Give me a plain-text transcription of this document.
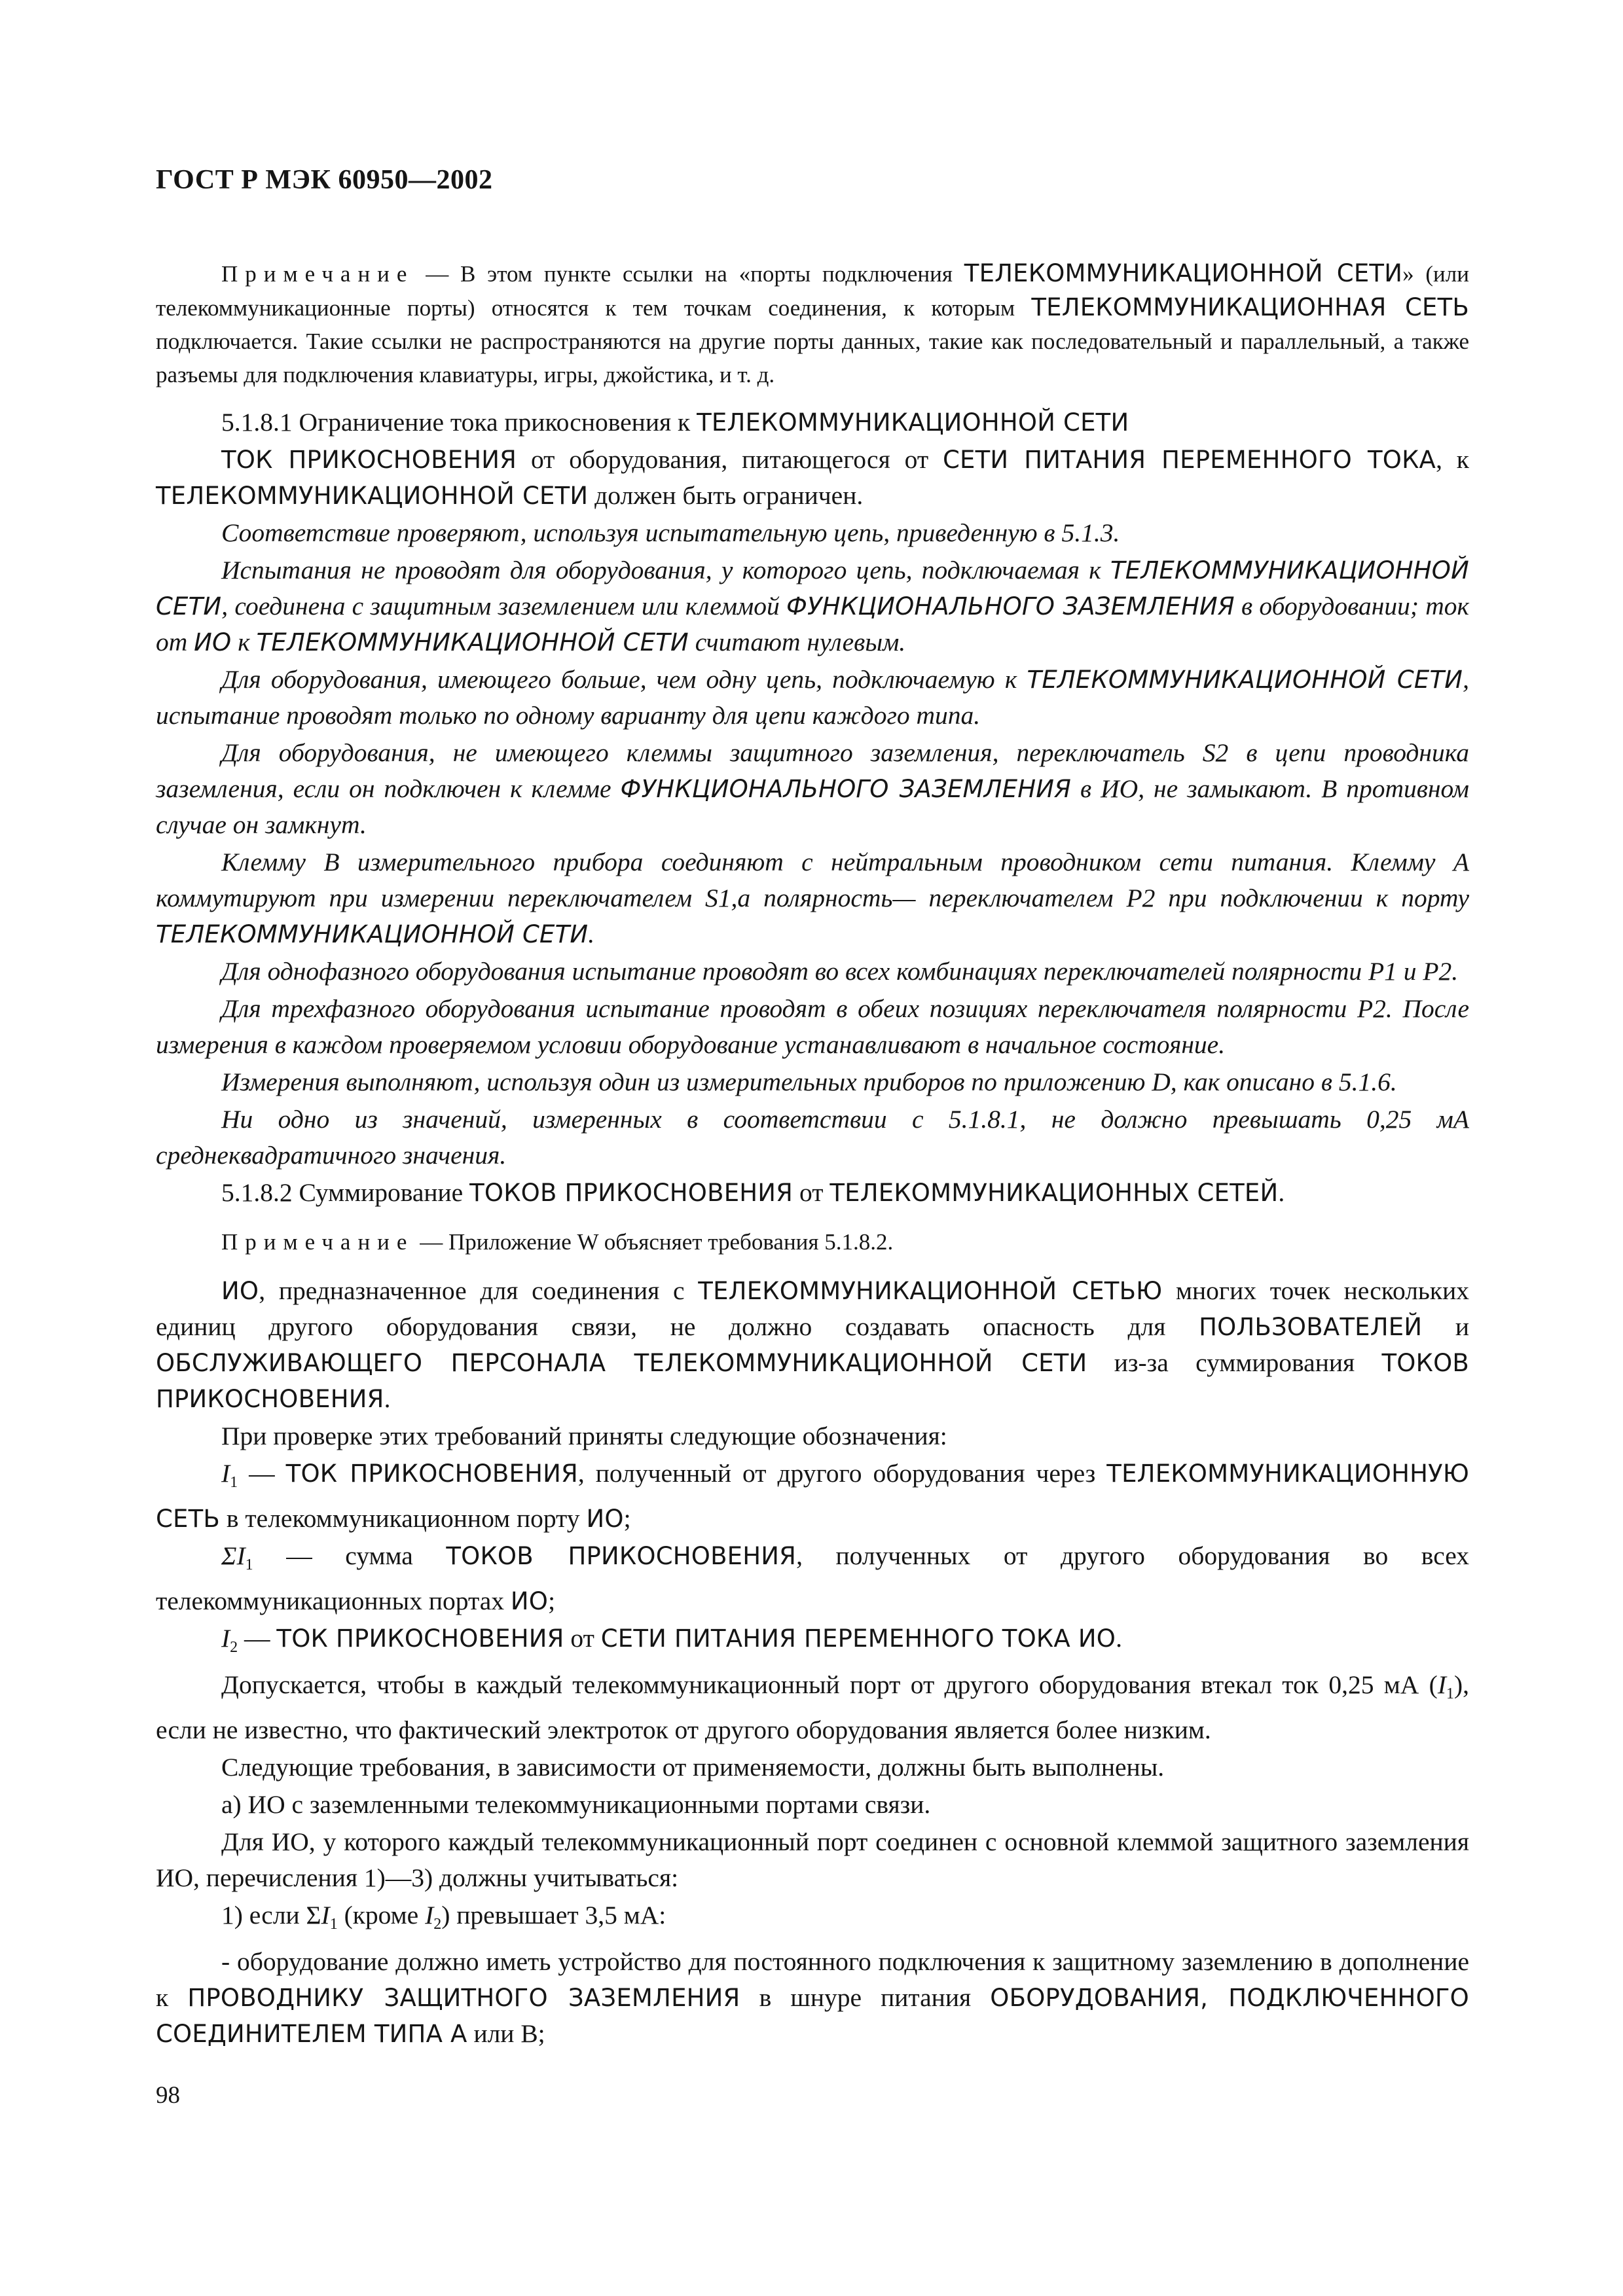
ГОСТ Р МЭК 60950—2002

Примечание — В этом пункте ссылки на «порты подключения ТЕЛЕКОММУНИКАЦИОННОЙ СЕТИ» (или телекоммуникационные порты) относятся к тем точкам соединения, к которым ТЕЛЕКОММУНИКАЦИОННАЯ СЕТЬ подключается. Такие ссылки не распространяются на другие порты данных, такие как последовательный и параллельный, а также разъемы для подключения клавиатуры, игры, джойстика, и т. д.

5.1.8.1 Ограничение тока прикосновения к ТЕЛЕКОММУНИКАЦИОННОЙ СЕТИ

ТОК ПРИКОСНОВЕНИЯ от оборудования, питающегося от СЕТИ ПИТАНИЯ ПЕРЕМЕННОГО ТОКА, к ТЕЛЕКОММУНИКАЦИОННОЙ СЕТИ должен быть ограничен.

Соответствие проверяют, используя испытательную цепь, приведенную в 5.1.3.

Испытания не проводят для оборудования, у которого цепь, подключаемая к ТЕЛЕКОММУНИКАЦИОННОЙ СЕТИ, соединена с защитным заземлением или клеммой ФУНКЦИОНАЛЬНОГО ЗАЗЕМЛЕНИЯ в оборудовании; ток от ИО к ТЕЛЕКОММУНИКАЦИОННОЙ СЕТИ считают нулевым.

Для оборудования, имеющего больше, чем одну цепь, подключаемую к ТЕЛЕКОММУНИКАЦИОННОЙ СЕТИ, испытание проводят только по одному варианту для цепи каждого типа.

Для оборудования, не имеющего клеммы защитного заземления, переключатель S2 в цепи проводника заземления, если он подключен к клемме ФУНКЦИОНАЛЬНОГО ЗАЗЕМЛЕНИЯ в ИО, не замыкают. В противном случае он замкнут.

Клемму В измерительного прибора соединяют с нейтральным проводником сети питания. Клемму А коммутируют при измерении переключателем S1,а полярность— переключателем P2 при подключении к порту ТЕЛЕКОММУНИКАЦИОННОЙ СЕТИ.

Для однофазного оборудования испытание проводят во всех комбинациях переключателей полярности Р1 и Р2.

Для трехфазного оборудования испытание проводят в обеих позициях переключателя полярности Р2. После измерения в каждом проверяемом условии оборудование устанавливают в начальное состояние.

Измерения выполняют, используя один из измерительных приборов по приложению D, как описано в 5.1.6.

Ни одно из значений, измеренных в соответствии с 5.1.8.1, не должно превышать 0,25 мА среднеквадратичного значения.

5.1.8.2 Суммирование ТОКОВ ПРИКОСНОВЕНИЯ от ТЕЛЕКОММУНИКАЦИОННЫХ СЕТЕЙ.

Примечание — Приложение W объясняет требования 5.1.8.2.

ИО, предназначенное для соединения с ТЕЛЕКОММУНИКАЦИОННОЙ СЕТЬЮ многих точек нескольких единиц другого оборудования связи, не должно создавать опасность для ПОЛЬЗОВАТЕЛЕЙ и ОБСЛУЖИВАЮЩЕГО ПЕРСОНАЛА ТЕЛЕКОММУНИКАЦИОННОЙ СЕТИ из-за суммирования ТОКОВ ПРИКОСНОВЕНИЯ.

При проверке этих требований приняты следующие обозначения:

$I_1$ — ТОК ПРИКОСНОВЕНИЯ, полученный от другого оборудования через ТЕЛЕКОММУНИКАЦИОННУЮ СЕТЬ в телекоммуникационном порту ИО;

$\Sigma I_1$ — сумма ТОКОВ ПРИКОСНОВЕНИЯ, полученных от другого оборудования во всех телекоммуникационных портах ИО;

$I_2$ — ТОК ПРИКОСНОВЕНИЯ от СЕТИ ПИТАНИЯ ПЕРЕМЕННОГО ТОКА ИО.

Допускается, чтобы в каждый телекоммуникационный порт от другого оборудования втекал ток 0,25 мА $(I_1)$, если не известно, что фактический электроток от другого оборудования является более низким.

Следующие требования, в зависимости от применяемости, должны быть выполнены.

а) ИО с заземленными телекоммуникационными портами связи.

Для ИО, у которого каждый телекоммуникационный порт соединен с основной клеммой защитного заземления ИО, перечисления 1)—3) должны учитываться:

1) если $\Sigma I_1$ (кроме $I_2$) превышает 3,5 мА:

- оборудование должно иметь устройство для постоянного подключения к защитному заземлению в дополнение к ПРОВОДНИКУ ЗАЩИТНОГО ЗАЗЕМЛЕНИЯ в шнуре питания ОБОРУДОВАНИЯ, ПОДКЛЮЧЕННОГО СОЕДИНИТЕЛЕМ ТИПА А или В;

98
